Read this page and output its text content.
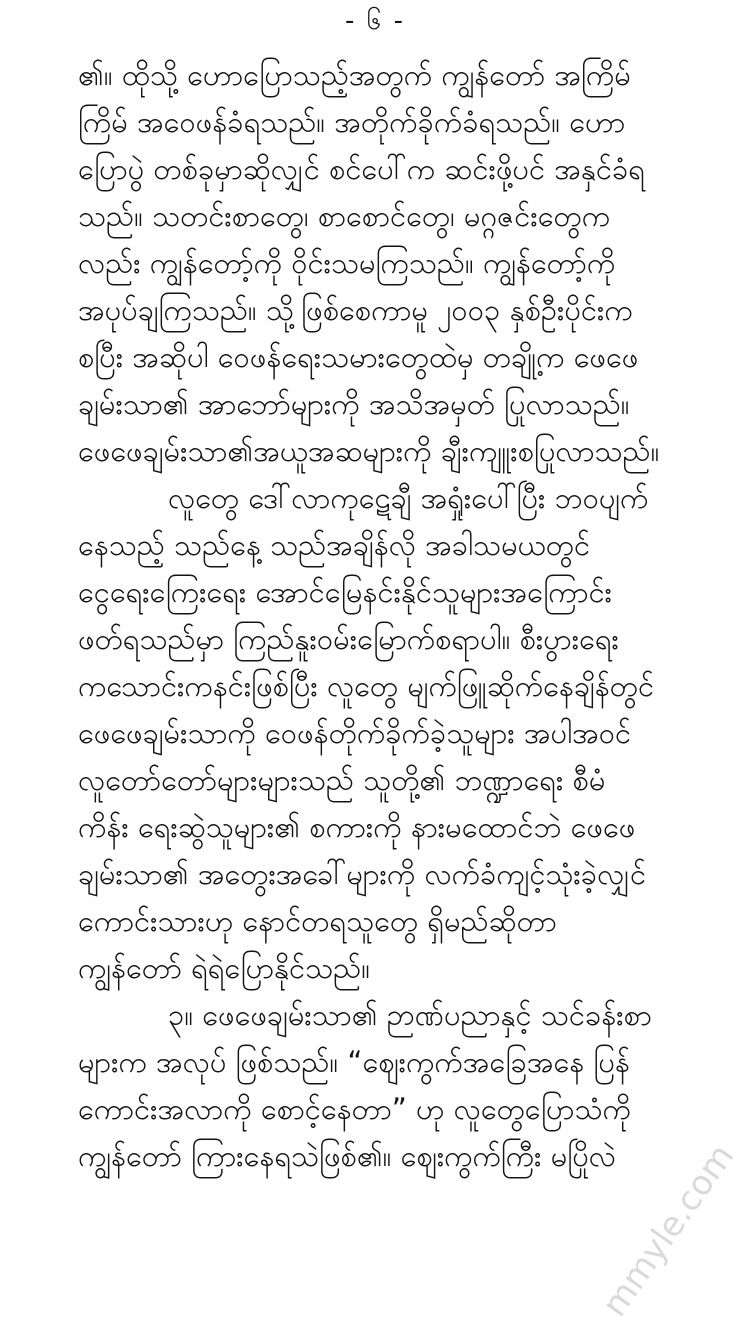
- ၆ -
၏။ ထိုသို့ ဟောပြောသည့်အတွက် ကျွန်တော် အကြိမ်
ကြိမ် အဝေဖန်ခံရသည်။ အတိုက်ခိုက်ခံရသည်။ ဟော
ပြောပွဲ တစ်ခုမှာဆိုလျှင် စင်ပေါ်က ဆင်းဖို့ပင် အနှင်ခံရ
သည်။ သတင်းစာတွေ၊ စာစောင်တွေ၊ မဂ္ဂဇင်းတွေက
လည်း ကျွန်တော့်ကို ဝိုင်းသမကြသည်။ ကျွန်တော့်ကို
အပုပ်ချကြသည်။ သို့ဖြစ်စေကာမူ ၂၀၀၃ နှစ်ဦးပိုင်းက
စပြီး အဆိုပါ ဝေဖန်ရေးသမားတွေထဲမှ တချို့က ဖေဖေ
ချမ်းသာ၏ အာဘော်များကို အသိအမှတ် ပြုလာသည်။
ဖေဖေချမ်းသာ၏အယူအဆများကို ချီးကျူးစပြုလာသည်။
လူတွေ ဒေါ်လာကုဋေချီ အရှုံးပေါ်ပြီး ဘဝပျက်
နေသည့် သည်နေ့ သည်အချိန်လို အခါသမယတွင်
ငွေရေးကြေးရေး အောင်မြေနင်းနိုင်သူများအကြောင်း
ဖတ်ရသည်မှာ ကြည်နူးဝမ်းမြောက်စရာပါ။ စီးပွားရေး
ကသောင်းကနင်းဖြစ်ပြီး လူတွေ မျက်ဖြူဆိုက်နေချိန်တွင်
ဖေဖေချမ်းသာကို ဝေဖန်တိုက်ခိုက်ခဲ့သူများ အပါအဝင်
လူတော်တော်များများသည် သူတို့၏ ဘဏ္ဍာရေး စီမံ
ကိန်း ရေးဆွဲသူများ၏ စကားကို နားမထောင်ဘဲ ဖေဖေ
ချမ်းသာ၏ အတွေးအခေါ်များကို လက်ခံကျင့်သုံးခဲ့လျှင်
ကောင်းသားဟု နောင်တရသူတွေ ရှိမည်ဆိုတာ
ကျွန်တော် ရဲရဲပြောနိုင်သည်။
၃။ ဖေဖေချမ်းသာ၏ ဉာဏ်ပညာနှင့် သင်ခန်းစာ
များက အလုပ် ဖြစ်သည်။ “ဈေးကွက်အခြေအနေ ပြန်
ကောင်းအလာကို စောင့်နေတာ” ဟု လူတွေပြောသံကို
ကျွန်တော် ကြားနေရသဲဖြစ်၏။ ဈေးကွက်ကြီး မပြိုလဲ
mmyle.com
